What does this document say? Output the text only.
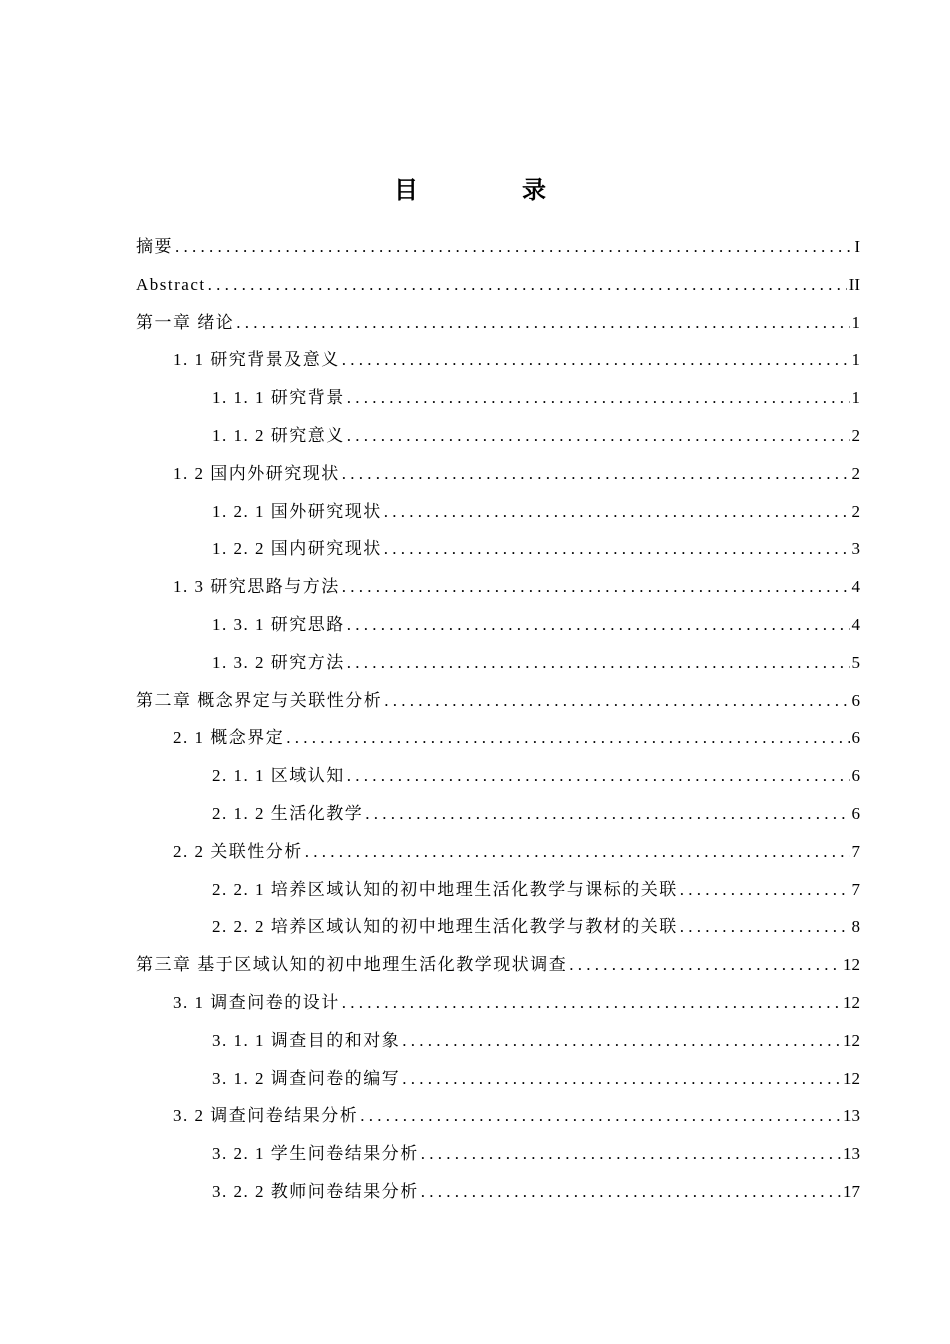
目　录
摘要 . . .	I
Abstract . . .	II
第一章 绪论 . . .	1
1. 1 研究背景及意义 . . .	1
1. 1. 1 研究背景 . . .	1
1. 1. 2 研究意义 . . .	2
1. 2 国内外研究现状 . . .	2
1. 2. 1 国外研究现状 . . .	2
1. 2. 2 国内研究现状 . . .	3
1. 3 研究思路与方法 . . .	4
1. 3. 1 研究思路 . . .	4
1. 3. 2 研究方法 . . .	5
第二章 概念界定与关联性分析 . . .	6
2. 1 概念界定 . . .	6
2. 1. 1 区域认知 . . .	6
2. 1. 2 生活化教学 . . .	6
2. 2 关联性分析 . . .	7
2. 2. 1 培养区域认知的初中地理生活化教学与课标的关联 . . .	7
2. 2. 2 培养区域认知的初中地理生活化教学与教材的关联 . . .	8
第三章 基于区域认知的初中地理生活化教学现状调查 . . .	12
3. 1 调查问卷的设计 . . .	12
3. 1. 1 调查目的和对象 . . .	12
3. 1. 2 调查问卷的编写 . . .	12
3. 2 调查问卷结果分析 . . .	13
3. 2. 1 学生问卷结果分析 . . .	13
3. 2. 2 教师问卷结果分析 . . .	17
